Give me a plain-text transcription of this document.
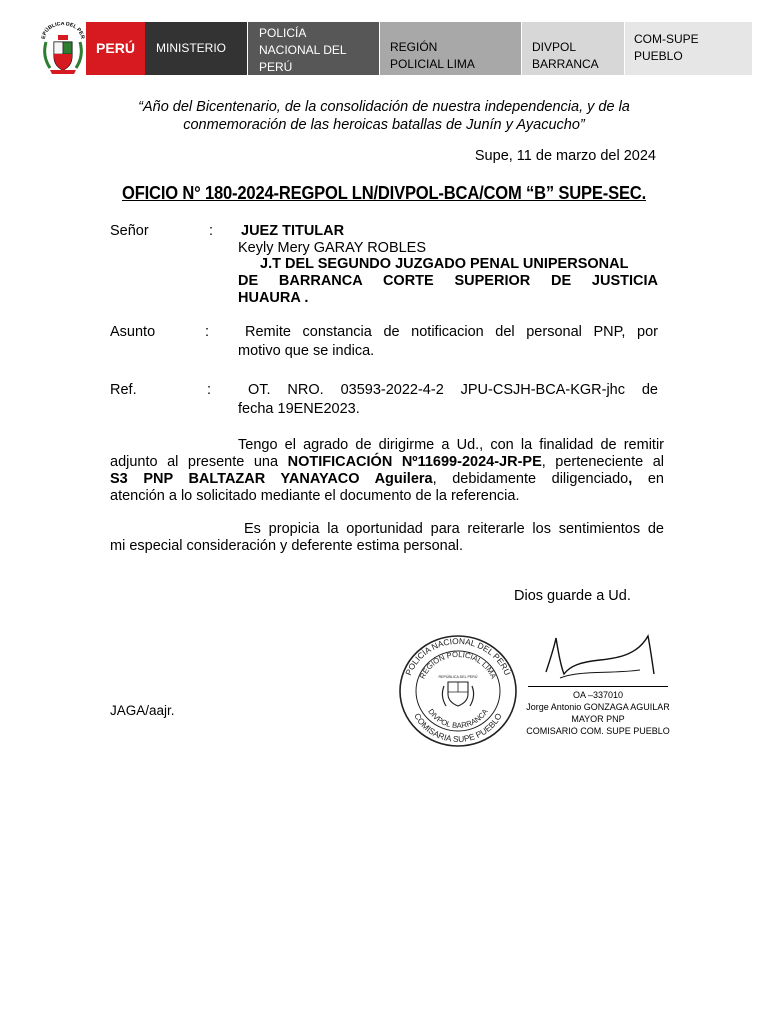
EPÚBLICA DEL PER
PERÚ	MINISTERIO
POLICÍA
NACIONAL DEL
PERÚ
REGIÓN
POLICIAL LIMA
DIVPOL
BARRANCA
COM-SUPE
PUEBLO
“Año del Bicentenario, de la consolidación de nuestra independencia, y de la
conmemoración de las heroicas batallas de Junín y Ayacucho”
Supe, 11 de marzo del 2024
OFICIO N° 180-2024-REGPOL LN/DIVPOL-BCA/COM “B” SUPE-SEC.
Señor	: JUEZ TITULAR
Keyly Mery GARAY ROBLES
J.T DEL SEGUNDO JUZGADO PENAL UNIPERSONAL
DE BARRANCA CORTE SUPERIOR DE JUSTICIA
HUAURA .
Asunto	: Remite constancia de notificacion del personal PNP, por
motivo que se indica.
Ref.	:	OT. NRO. 03593-2022-4-2 JPU-CSJH-BCA-KGR-jhc de
fecha 19ENE2023.
Tengo el agrado de dirigirme a Ud., con la finalidad de remitir
adjunto al presente una NOTIFICACIÓN Nº11699-2024-JR-PE, perteneciente al
S3 PNP BALTAZAR YANAYACO Aguilera, debidamente diligenciado, en
atención a lo solicitado mediante el documento de la referencia.
Es propicia la oportunidad para reiterarle los sentimientos de
mi especial consideración y deferente estima personal.
Dios guarde a Ud.
JAGA/aajr.
POLICÍA NACIONAL DEL PERÚ
COMISARIA SUPE PUEBLO
REGIÓN POLICIAL LIMA
DIVPOL BARRANCA
REPÚBLICA DEL PERÚ
OA –337010
Jorge Antonio GONZAGA AGUILAR
MAYOR PNP
COMISARIO COM. SUPE PUEBLO
